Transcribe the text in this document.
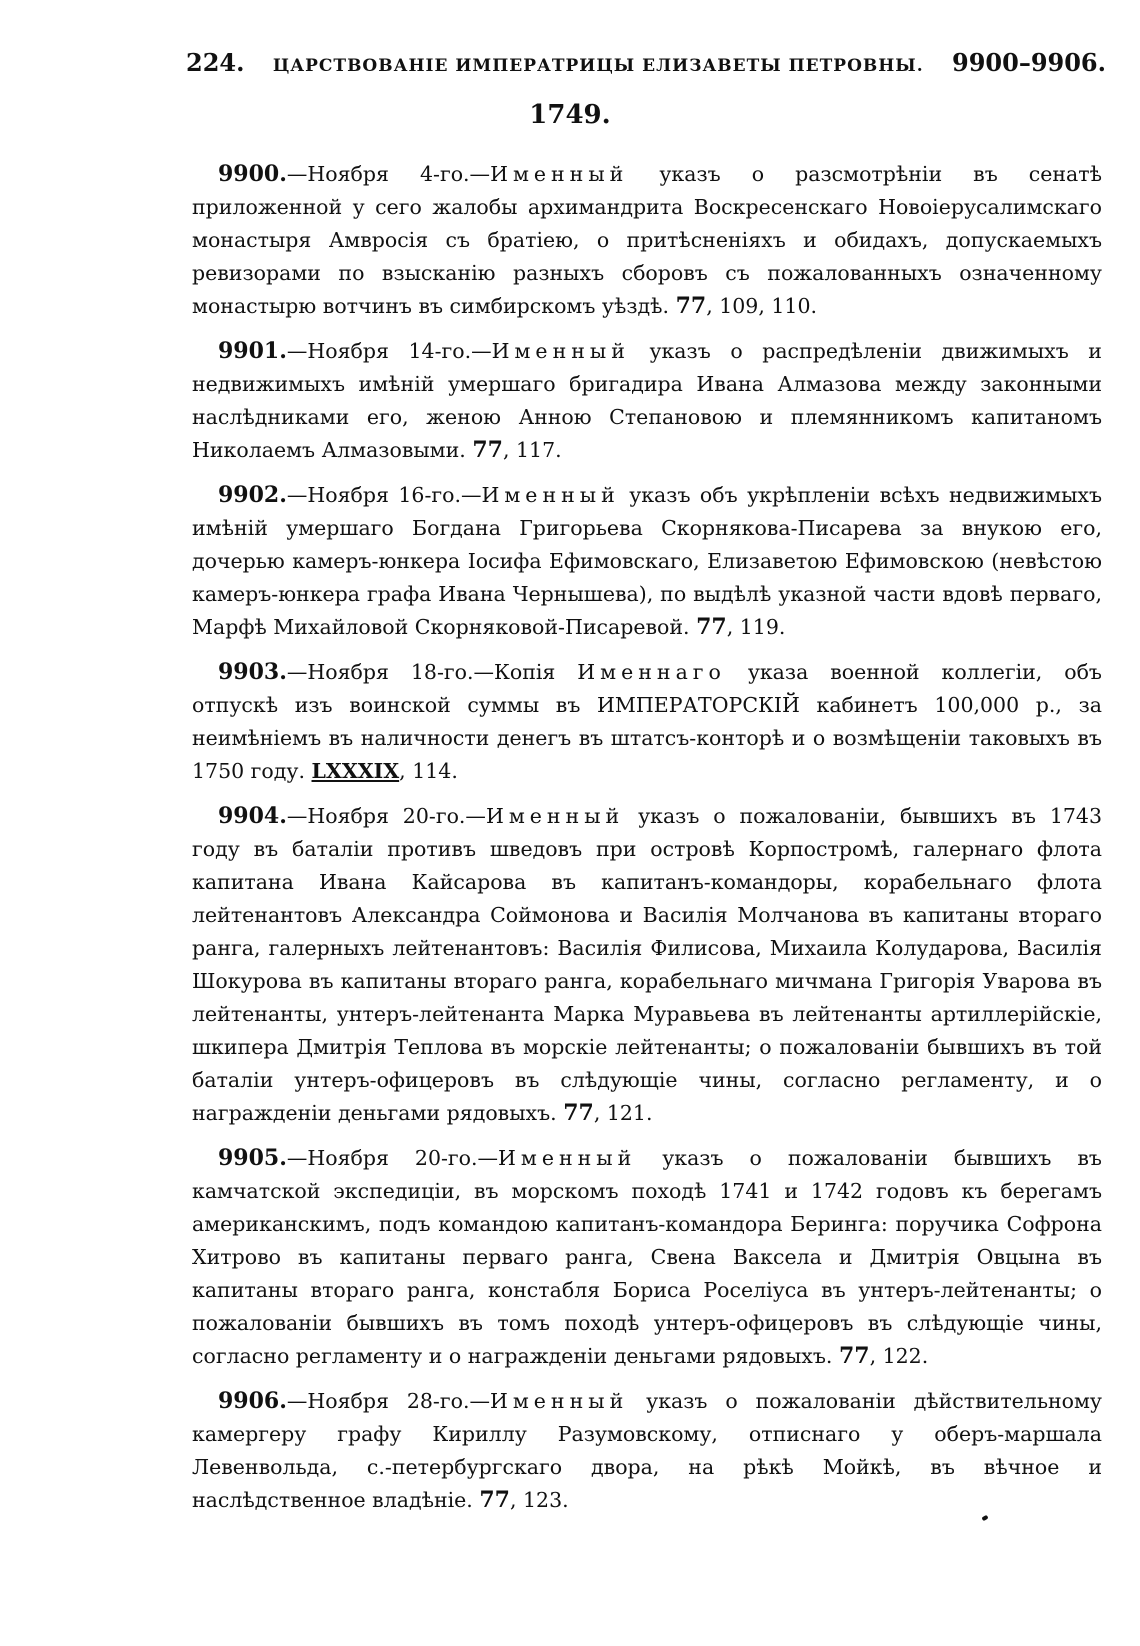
224. ЦАРСТВОВАНІЕ ИМПЕРАТРИЦЫ ЕЛИЗАВЕТЫ ПЕТРОВНЫ. 9900–9906.
1749.

9900.—Ноября 4-го.—Именный указъ о разсмотрѣніи въ сенатѣ приложенной у сего жалобы архимандрита Воскресенскаго Новоіерусалимскаго монастыря Амвросія съ братіею, о притѣсненіяхъ и обидахъ, допускаемыхъ ревизорами по взысканію разныхъ сборовъ съ пожалованныхъ означенному монастырю вотчинъ въ симбирскомъ уѣздѣ. 77, 109, 110.

9901.—Ноября 14-го.—Именный указъ о распредѣленіи движимыхъ и недвижимыхъ имѣній умершаго бригадира Ивана Алмазова между законными наслѣдниками его, женою Анною Степановою и племянникомъ капитаномъ Николаемъ Алмазовыми. 77, 117.

9902.—Ноября 16-го.—Именный указъ объ укрѣпленіи всѣхъ недвижимыхъ имѣній умершаго Богдана Григорьева Скорнякова-Писарева за внукою его, дочерью камеръ-юнкера Іосифа Ефимовскаго, Елизаветою Ефимовскою (невѣстою камеръ-юнкера графа Ивана Чернышева), по выдѣлѣ указной части вдовѣ перваго, Марфѣ Михайловой Скорняковой-Писаревой. 77, 119.

9903.—Ноября 18-го.—Копія Именнаго указа военной коллегіи, объ отпускѣ изъ воинской суммы въ ИМПЕРАТОРСКІЙ кабинетъ 100,000 р., за неимѣніемъ въ наличности денегъ въ штатсъ-конторѣ и о возмѣщеніи таковыхъ въ 1750 году. LXXXIX, 114.

9904.—Ноября 20-го.—Именный указъ о пожалованіи, бывшихъ въ 1743 году въ баталіи противъ шведовъ при островѣ Корпостромѣ, галернаго флота капитана Ивана Кайсарова въ капитанъ-командоры, корабельнаго флота лейтенантовъ Александра Соймонова и Василія Молчанова въ капитаны втораго ранга, галерныхъ лейтенантовъ: Василія Филисова, Михаила Колударова, Василія Шокурова въ капитаны втораго ранга, корабельнаго мичмана Григорія Уварова въ лейтенанты, унтеръ-лейтенанта Марка Муравьева въ лейтенанты артиллерійскіе, шкипера Дмитрія Теплова въ морскіе лейтенанты; о пожалованіи бывшихъ въ той баталіи унтеръ-офицеровъ въ слѣдующіе чины, согласно регламенту, и о награжденіи деньгами рядовыхъ. 77, 121.

9905.—Ноября 20-го.—Именный указъ о пожалованіи бывшихъ въ камчатской экспедиціи, въ морскомъ походѣ 1741 и 1742 годовъ къ берегамъ американскимъ, подъ командою капитанъ-командора Беринга: поручика Софрона Хитрово въ капитаны перваго ранга, Свена Ваксела и Дмитрія Овцына въ капитаны втораго ранга, констабля Бориса Роселіуса въ унтеръ-лейтенанты; о пожалованіи бывшихъ въ томъ походѣ унтеръ-офицеровъ въ слѣдующіе чины, согласно регламенту и о награжденіи деньгами рядовыхъ. 77, 122.

9906.—Ноября 28-го.—Именный указъ о пожалованіи дѣйствительному камергеру графу Кириллу Разумовскому, отписнаго у оберъ-маршала Левенвольда, с.-петербургскаго двора, на рѣкѣ Мойкѣ, въ вѣчное и наслѣдственное владѣніе. 77, 123.
